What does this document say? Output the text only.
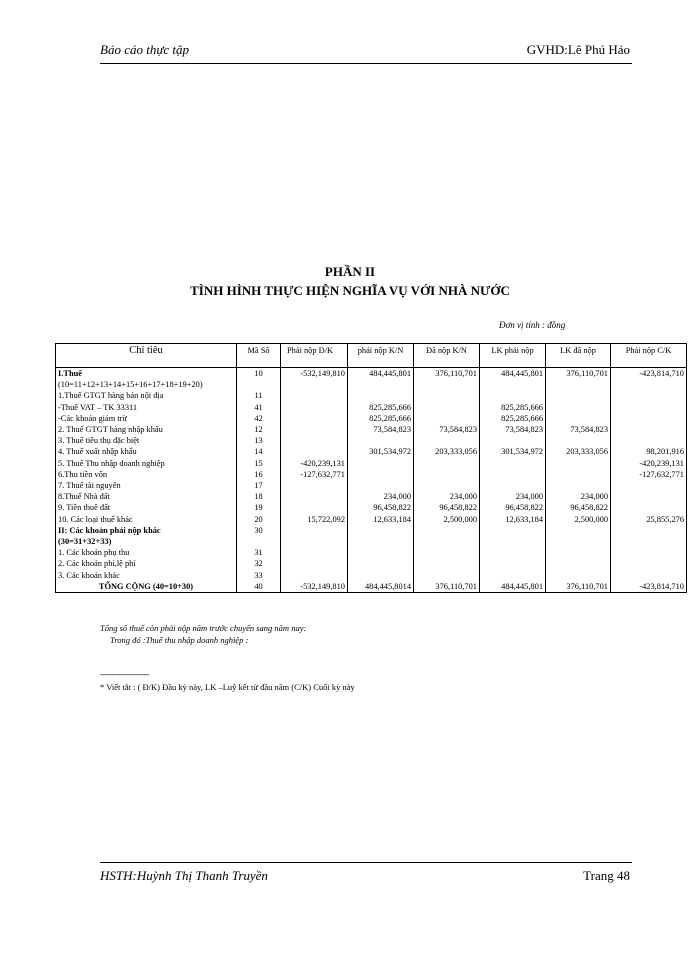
Báo cáo thực tập	GVHD:Lê Phú Hảo
PHẦN II
TÌNH HÌNH THỰC HIỆN NGHĨA VỤ VỚI NHÀ NƯỚC
Đơn vị tính : đồng
Chỉ tiêu	Mã Số	Phải nộp Đ/K	phải nộp K/N	Đã nộp K/N	LK phải nộp	LK đã nộp	Phải nộp C/K
I.Thuế	10	-532,149,810	484,445,801	376,110,701	484,445,801	376,110,701	-423,814,710
(10=11+12+13+14+15+16+17+18+19+20)							
1.Thuế GTGT hàng bán nội địa	11						
-Thuế VAT – TK 33311	41		825,285,666		825,285,666		
-Các khoản giảm trừ	42		825,285,666		825,285,666		
2. Thuế GTGT hàng nhập khẩu	12		73,584,823	73,584,823	73,584,823	73,584,823	
3. Thuế tiêu thụ đặc biệt	13						
4. Thuế xuất nhập khẩu	14		301,534,972	203,333,056	301,534,972	203,333,056	98,201,916
5. Thuế Thu nhập doanh nghiệp	15	-420,239,131					-420,239,131
6.Thu tiền vốn	16	-127,632,771					-127,632,771
7. Thuế tài nguyên	17						
8.Thuế Nhà đất	18		234,000	234,000	234,000	234,000	
9. Tiền thuê đất	19		96,458,822	96,458,822	96,458,822	96,458,822	
10. Các loại thuế khác	20	15,722,092	12,633,184	2,500,000	12,633,184	2,500,000	25,855,276
II: Các khoản phải nộp khác	30						
(30=31+32+33)							
1. Các khoản phụ thu	31						
2. Các khoản phí,lệ phí	32						
3. Các khoản khác	33						
TỔNG CỘNG (40=10+30)	40	-532,149,810	484,445,8014	376,110,701	484,445,801	376,110,701	-423,814,710
Tổng số thuế còn phải nộp năm trước chuyển sang năm nay:
Trong đó :Thuế thu nhập doanh nghiệp :
---------------------
* Viết tắt : ( Đ/K) Đầu kỳ này, LK –Luỹ kết từ đầu năm (C/K) Cuối kỳ này
HSTH:Huỳnh Thị Thanh Truyền	Trang 48
